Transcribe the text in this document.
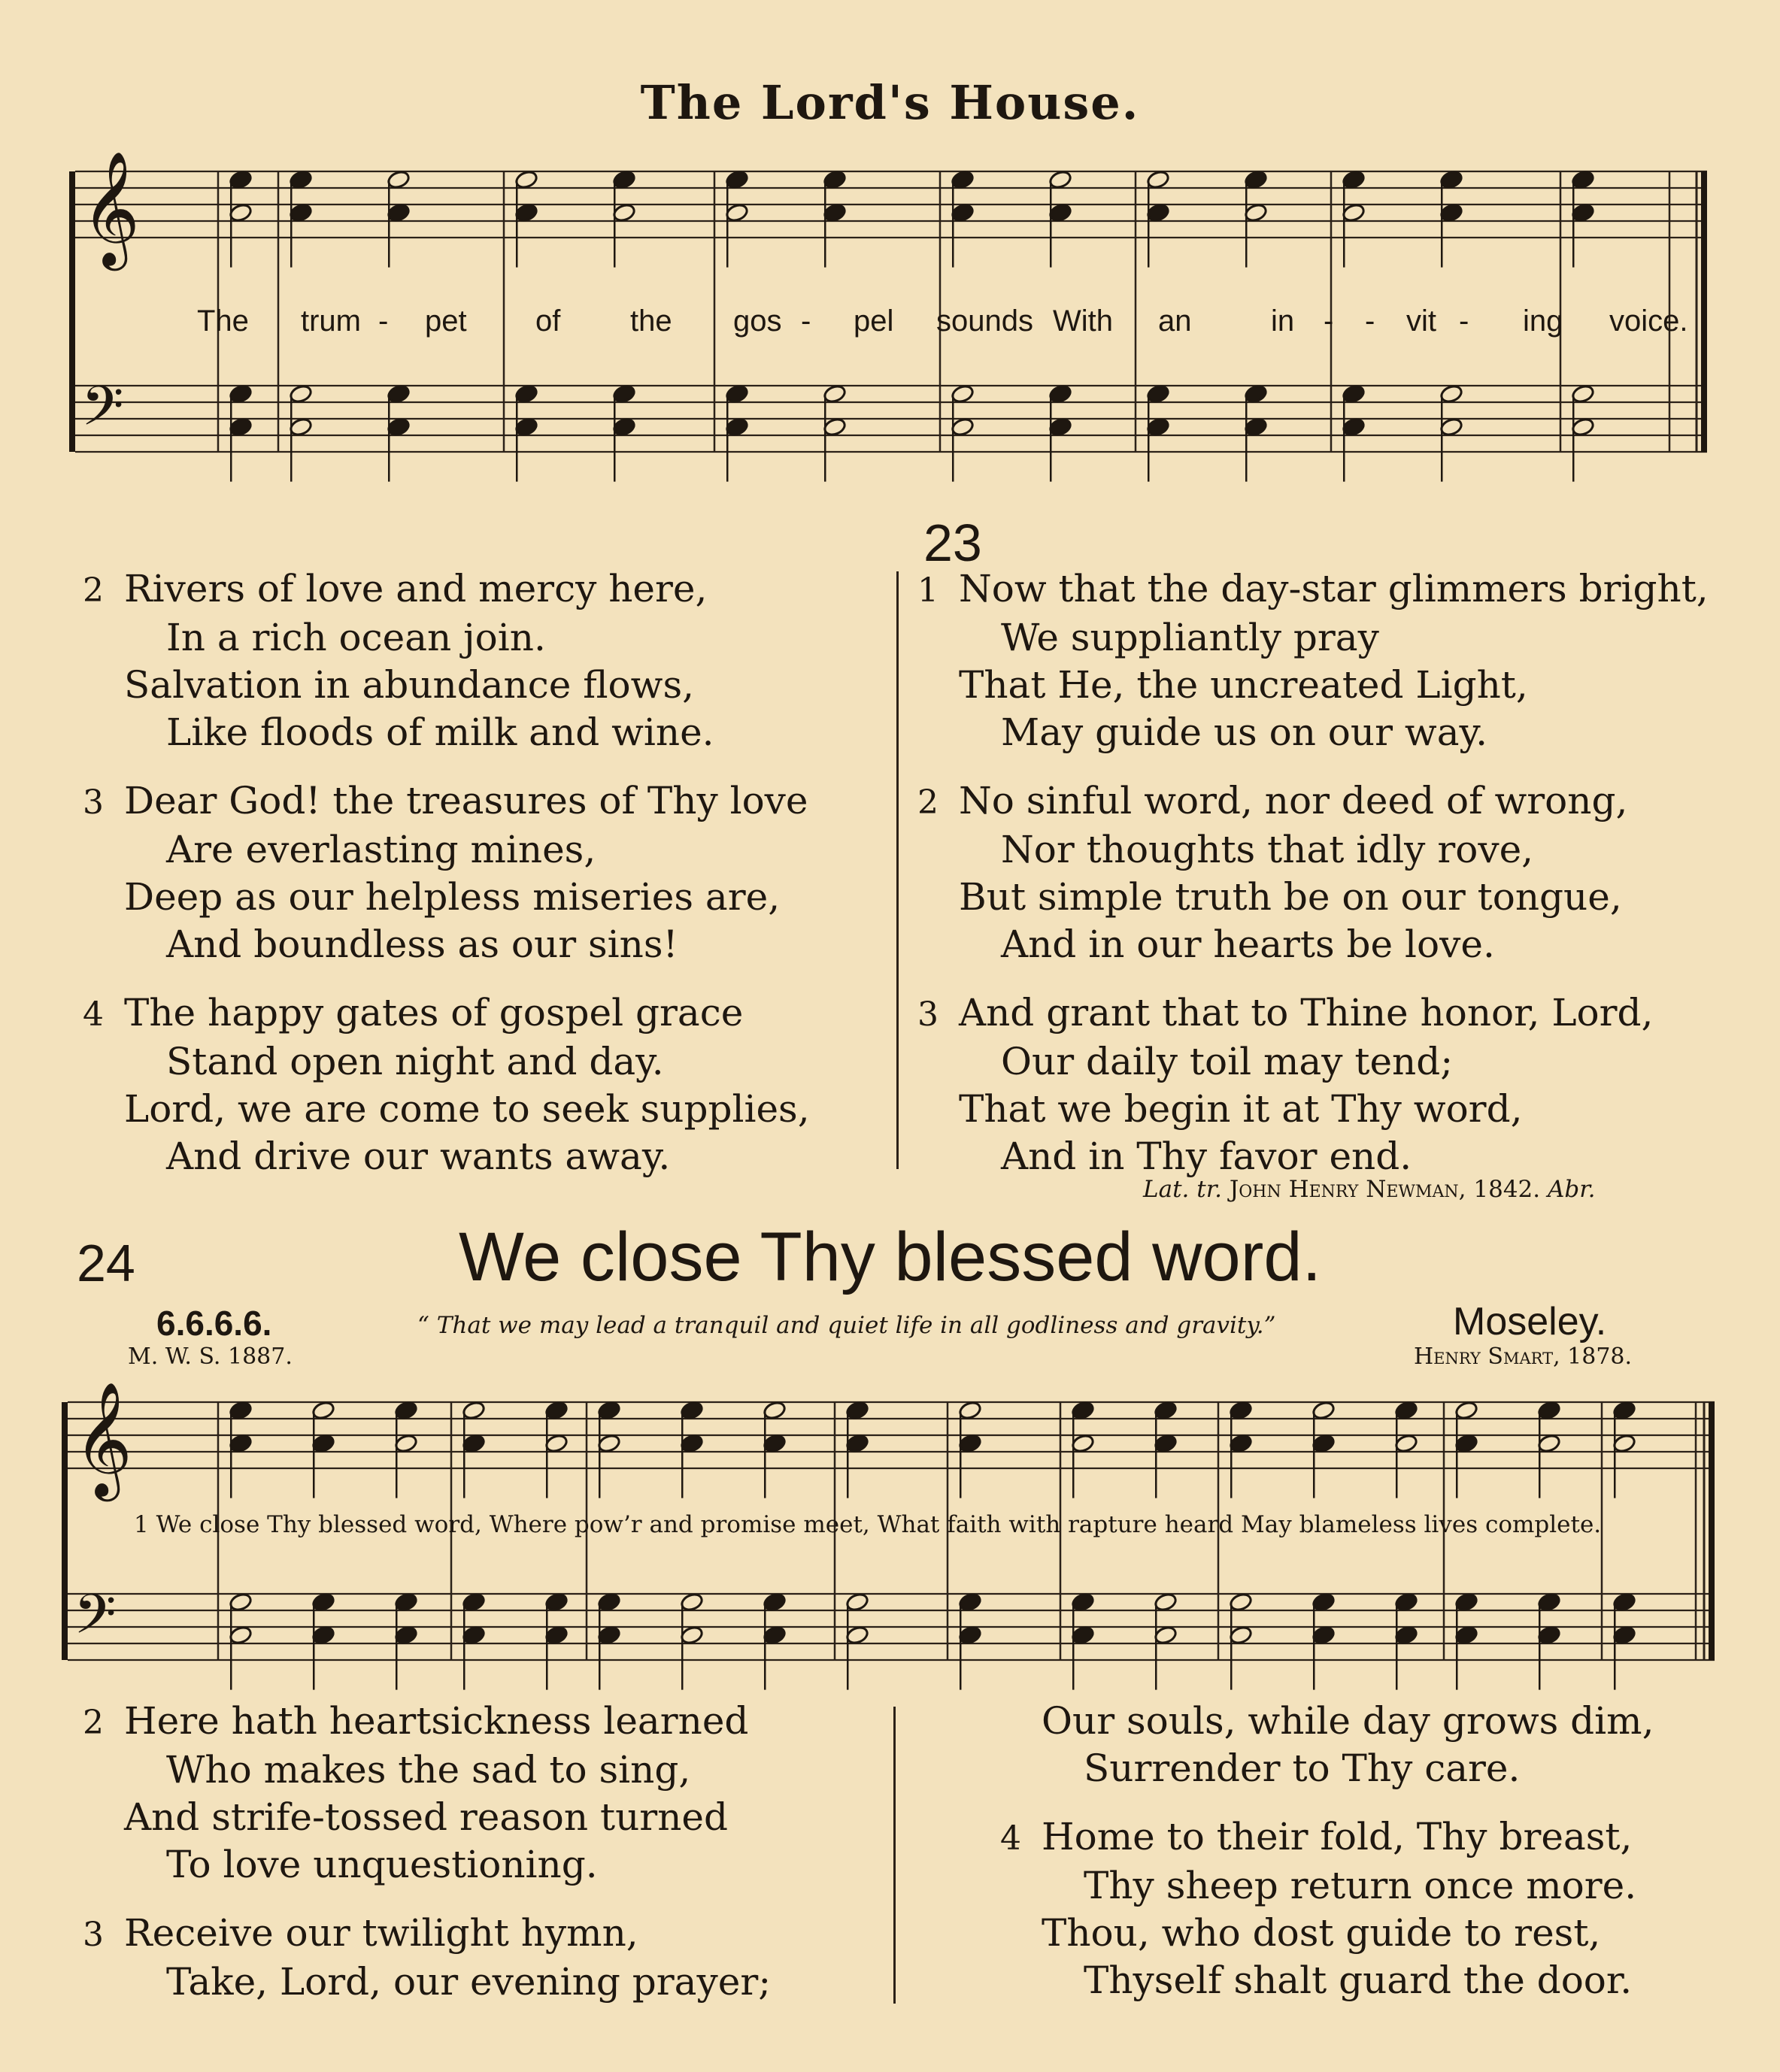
The Lord's House.
𝄞
𝄢
The trum - pet of the gos - pel sounds With an	in - - vit - ing voice.
23
2 Rivers of love and mercy here,
In a rich ocean join.
Salvation in abundance flows,
Like floods of milk and wine.
3 Dear God! the treasures of Thy love
Are everlasting mines,
Deep as our helpless miseries are,
And boundless as our sins!
4 The happy gates of gospel grace
Stand open night and day.
Lord, we are come to seek supplies,
And drive our wants away.
1 Now that the day-star glimmers bright,
We suppliantly pray
That He, the uncreated Light,
May guide us on our way.
2 No sinful word, nor deed of wrong,
Nor thoughts that idly rove,
But simple truth be on our tongue,
And in our hearts be love.
3 And grant that to Thine honor, Lord,
Our daily toil may tend;
That we begin it at Thy word,
And in Thy favor end.
Lat. tr. John Henry Newman, 1842. Abr.
24	We close Thy blessed word.
6.6.6.6.
M. W. S. 1887.
“ That we may lead a tranquil and quiet life in all godliness and gravity.”	Moseley.
Henry Smart, 1878.
𝄞
𝄢
1 We close Thy blessed word, Where pow’r and promise meet, What faith with rapture heard May blameless lives complete.
2 Here hath heartsickness learned
Who makes the sad to sing,
And strife-tossed reason turned
To love unquestioning.
3 Receive our twilight hymn,
Take, Lord, our evening prayer;
Our souls, while day grows dim,
Surrender to Thy care.
4 Home to their fold, Thy breast,
Thy sheep return once more.
Thou, who dost guide to rest,
Thyself shalt guard the door.
